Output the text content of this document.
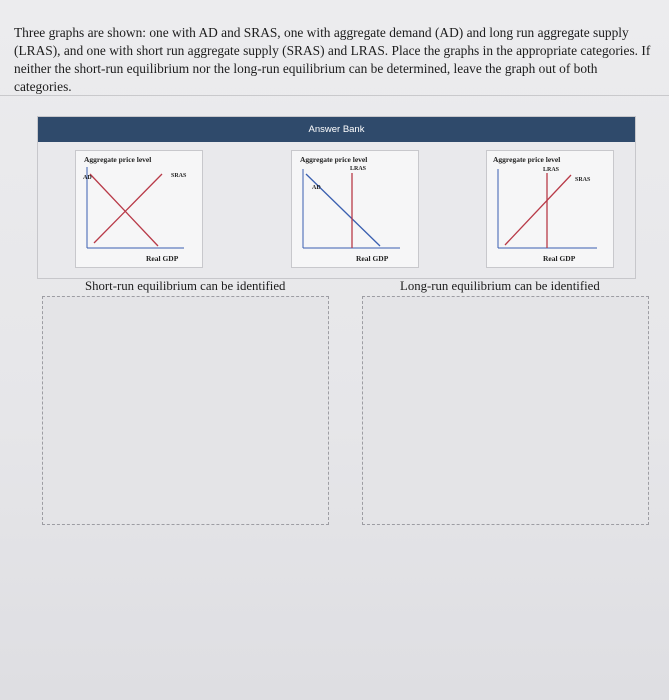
Three graphs are shown: one with AD and SRAS, one with aggregate demand (AD) and long run aggregate supply (LRAS), and one with short run aggregate supply (SRAS) and LRAS. Place the graphs in the appropriate categories. If neither the short-run equilibrium nor the long-run equilibrium can be determined, leave the graph out of both categories.
Answer Bank
Aggregate price level
AD	SRAS
Real GDP
Aggregate price level
AD
LRAS
Real GDP
Aggregate price level
LRAS
SRAS
Real GDP
Short-run equilibrium can be identified	Long-run equilibrium can be identified
